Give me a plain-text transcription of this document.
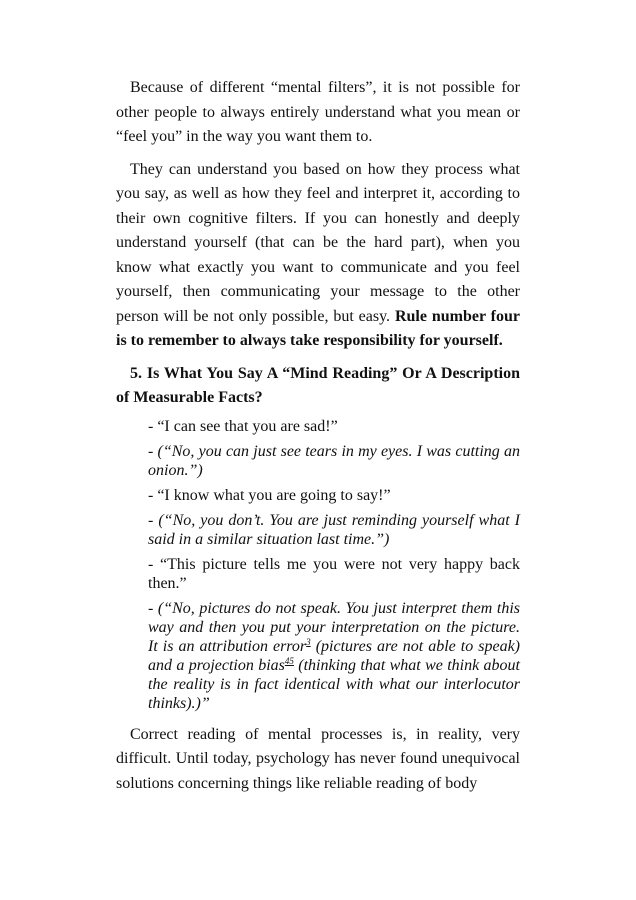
Because of different “mental filters”, it is not possible for other people to always entirely understand what you mean or “feel you” in the way you want them to.

They can understand you based on how they process what you say, as well as how they feel and interpret it, according to their own cognitive filters. If you can honestly and deeply understand yourself (that can be the hard part), when you know what exactly you want to communicate and you feel yourself, then communicating your message to the other person will be not only possible, but easy. Rule number four is to remember to always take responsibility for yourself.

5. Is What You Say A “Mind Reading” Or A Description of Measurable Facts?

- “I can see that you are sad!”

- (“No, you can just see tears in my eyes. I was cutting an onion.”)

- “I know what you are going to say!”

- (“No, you don’t. You are just reminding yourself what I said in a similar situation last time.”)

- “This picture tells me you were not very happy back then.”

- (“No, pictures do not speak. You just interpret them this way and then you put your interpretation on the picture. It is an attribution error$^3$ (pictures are not able to speak) and a projection bias$^{45}$ (thinking that what we think about the reality is in fact identical with what our interlocutor thinks).)”

Correct reading of mental processes is, in reality, very difficult. Until today, psychology has never found unequivocal solutions concerning things like reliable reading of body
